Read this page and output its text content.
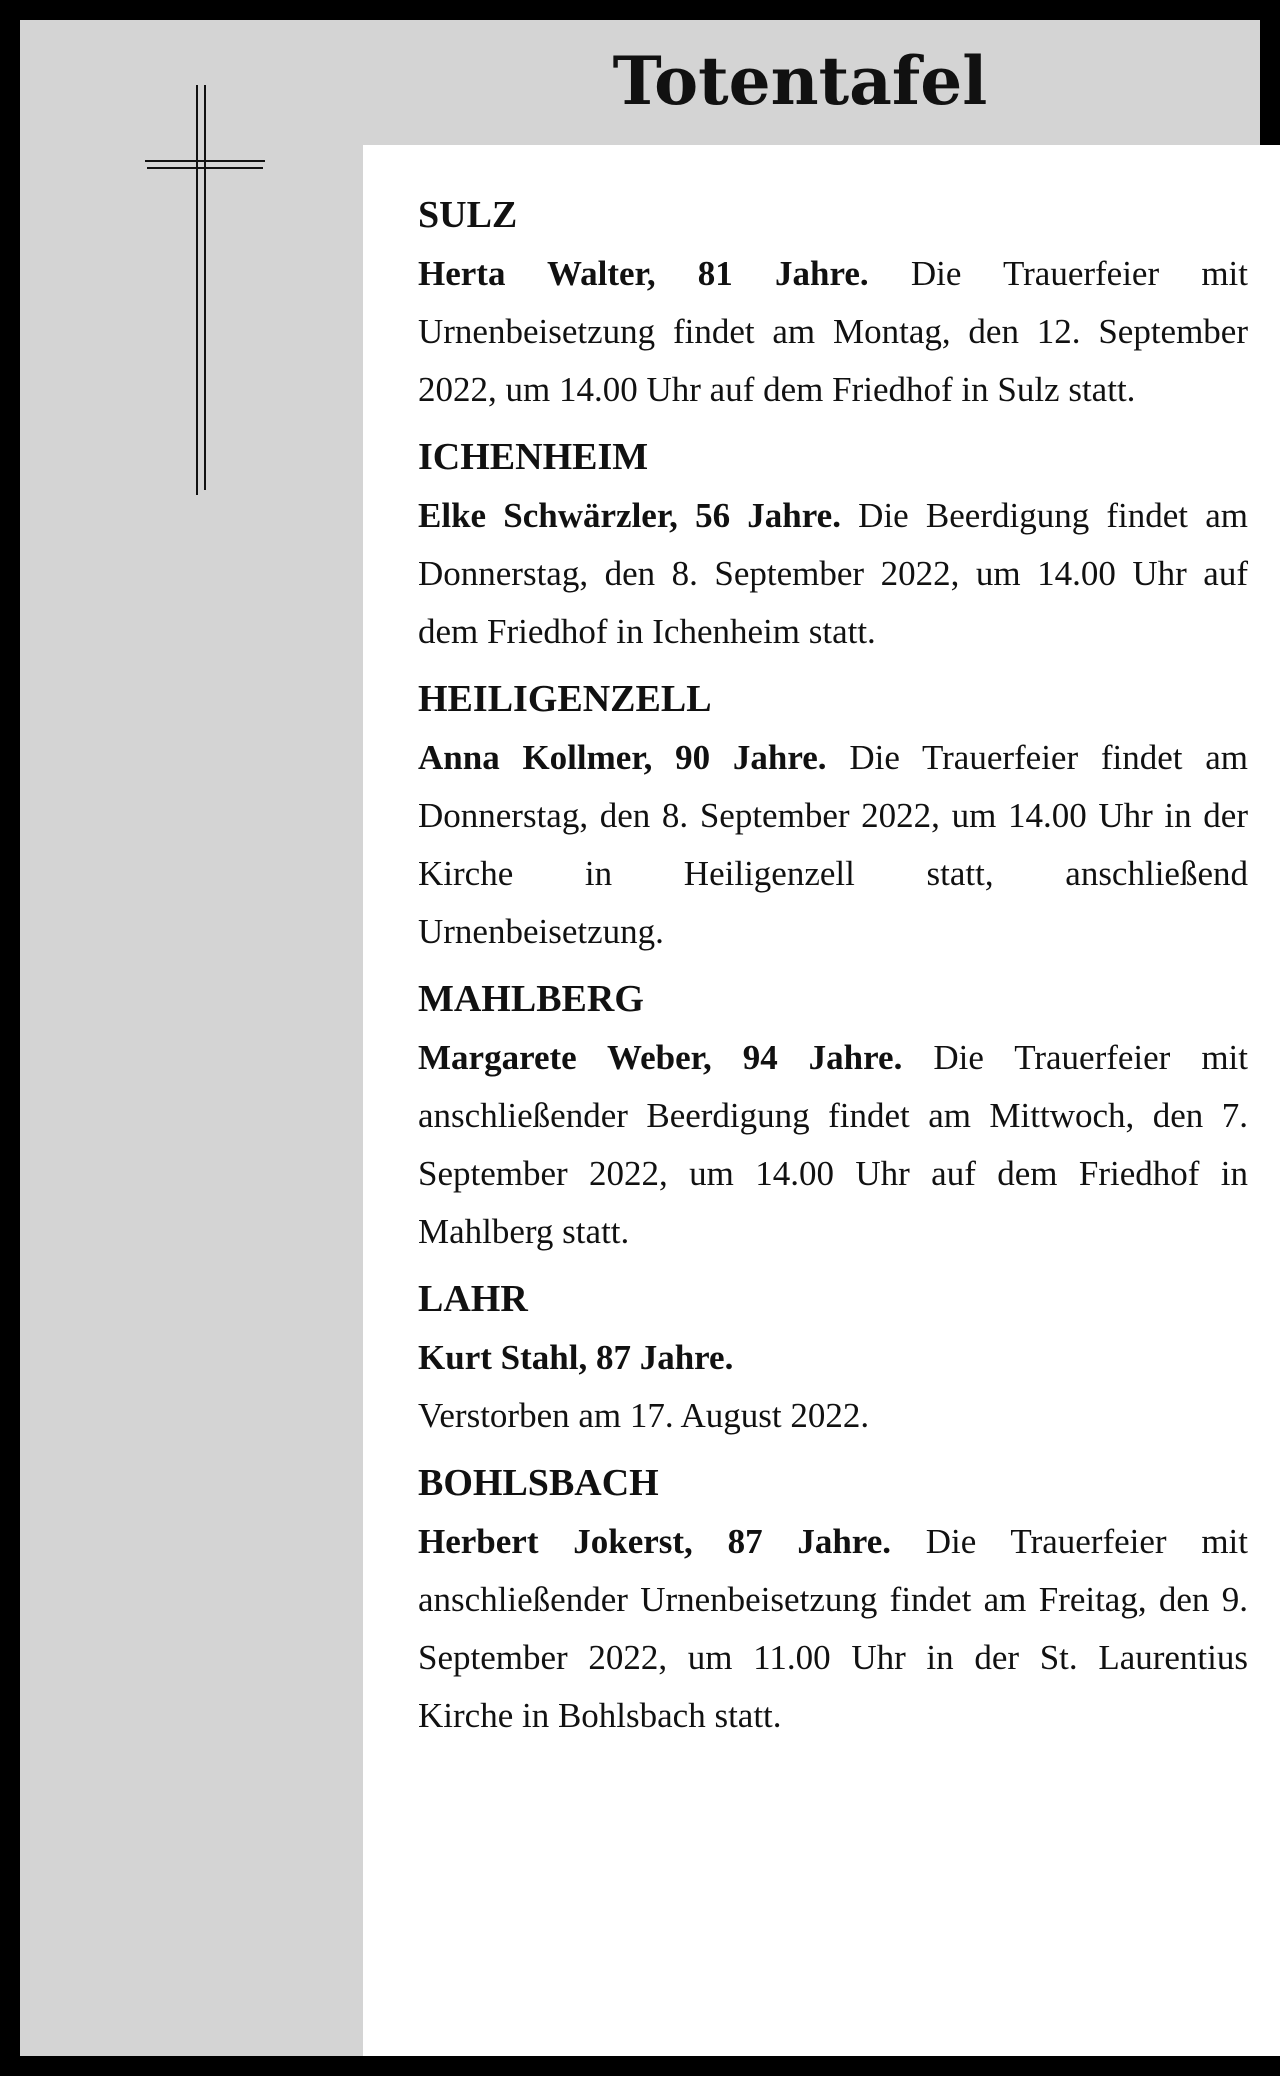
Totentafel
SULZ
Herta Walter, 81 Jahre. Die Trauerfeier mit Urnenbeisetzung findet am Montag, den 12. September 2022, um 14.00 Uhr auf dem Friedhof in Sulz statt.
ICHENHEIM
Elke Schwärzler, 56 Jahre. Die Beerdigung findet am Donnerstag, den 8. September 2022, um 14.00 Uhr auf dem Friedhof in Ichenheim statt.
HEILIGENZELL
Anna Kollmer, 90 Jahre. Die Trauerfeier findet am Donnerstag, den 8. September 2022, um 14.00 Uhr in der Kirche in Heiligenzell statt, anschließend Urnenbeisetzung.
MAHLBERG
Margarete Weber, 94 Jahre. Die Trauerfeier mit anschließender Beerdigung findet am Mittwoch, den 7. September 2022, um 14.00 Uhr auf dem Friedhof in Mahlberg statt.
LAHR
Kurt Stahl, 87 Jahre.
Verstorben am 17. August 2022.
BOHLSBACH
Herbert Jokerst, 87 Jahre. Die Trauerfeier mit anschließender Urnenbeisetzung findet am Freitag, den 9. September 2022, um 11.00 Uhr in der St. Laurentius Kirche in Bohlsbach statt.
